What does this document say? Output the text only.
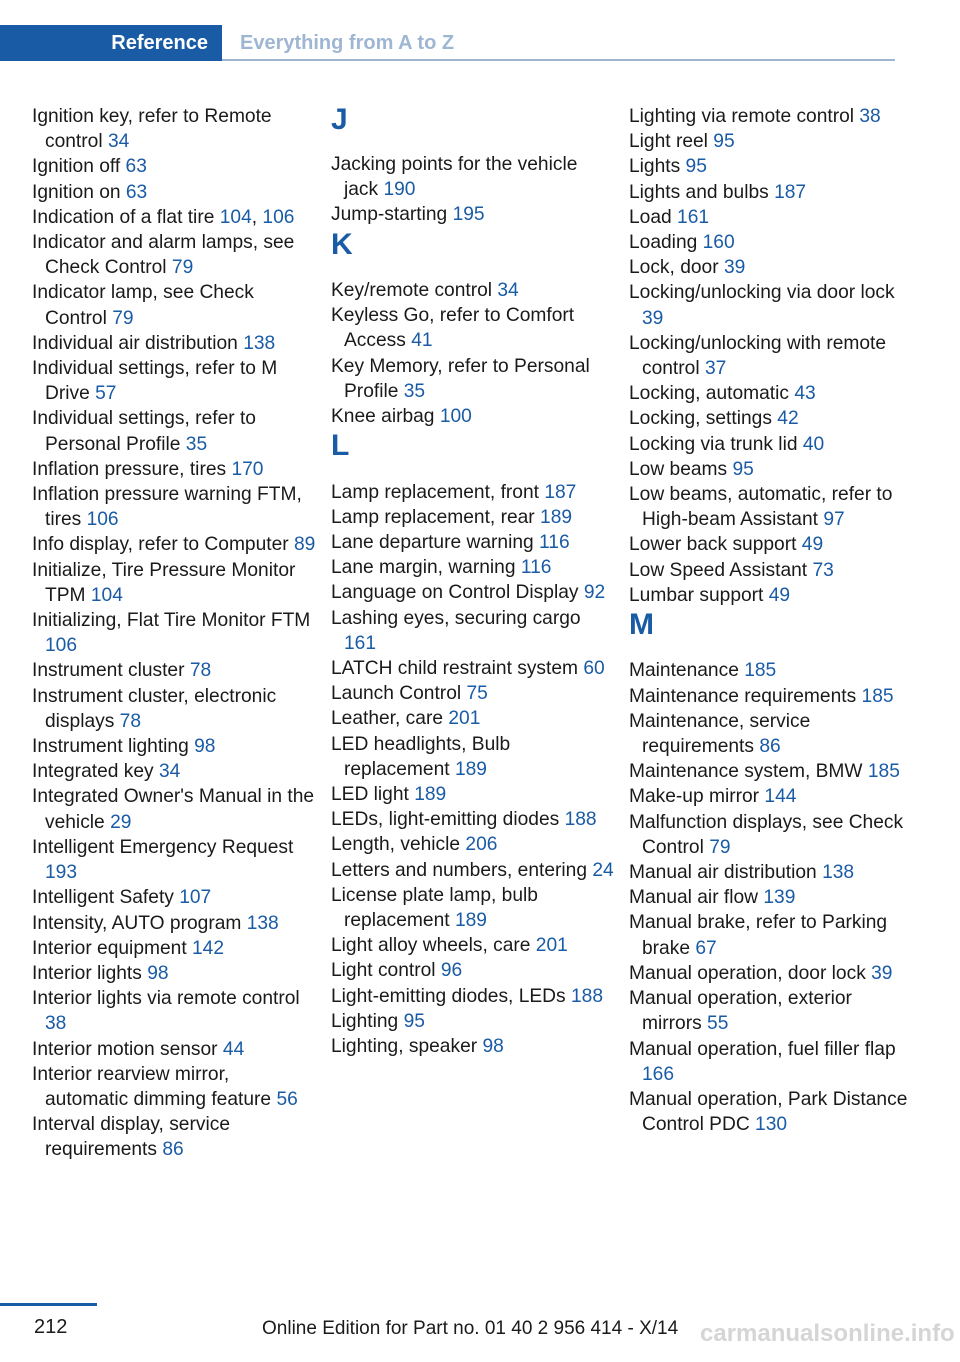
Reference	Everything from A to Z
Ignition key, refer to Remote control 34
Ignition off 63
Ignition on 63
Indication of a flat tire 104, 106
Indicator and alarm lamps, see Check Control 79
Indicator lamp, see Check Control 79
Individual air distribution 138
Individual settings, refer to M Drive 57
Individual settings, refer to Personal Profile 35
Inflation pressure, tires 170
Inflation pressure warning FTM, tires 106
Info display, refer to Computer 89
Initialize, Tire Pressure Monitor TPM 104
Initializing, Flat Tire Monitor FTM 106
Instrument cluster 78
Instrument cluster, electronic displays 78
Instrument lighting 98
Integrated key 34
Integrated Owner's Manual in the vehicle 29
Intelligent Emergency Request 193
Intelligent Safety 107
Intensity, AUTO program 138
Interior equipment 142
Interior lights 98
Interior lights via remote control 38
Interior motion sensor 44
Interior rearview mirror, automatic dimming feature 56
Interval display, service requirements 86
J
Jacking points for the vehicle jack 190
Jump-starting 195
K
Key/remote control 34
Keyless Go, refer to Comfort Access 41
Key Memory, refer to Personal Profile 35
Knee airbag 100
L
Lamp replacement, front 187
Lamp replacement, rear 189
Lane departure warning 116
Lane margin, warning 116
Language on Control Display 92
Lashing eyes, securing cargo 161
LATCH child restraint system 60
Launch Control 75
Leather, care 201
LED headlights, Bulb replacement 189
LED light 189
LEDs, light-emitting diodes 188
Length, vehicle 206
Letters and numbers, entering 24
License plate lamp, bulb replacement 189
Light alloy wheels, care 201
Light control 96
Light-emitting diodes, LEDs 188
Lighting 95
Lighting, speaker 98
Lighting via remote control 38
Light reel 95
Lights 95
Lights and bulbs 187
Load 161
Loading 160
Lock, door 39
Locking/unlocking via door lock 39
Locking/unlocking with remote control 37
Locking, automatic 43
Locking, settings 42
Locking via trunk lid 40
Low beams 95
Low beams, automatic, refer to High-beam Assistant 97
Lower back support 49
Low Speed Assistant 73
Lumbar support 49
M
Maintenance 185
Maintenance requirements 185
Maintenance, service requirements 86
Maintenance system, BMW 185
Make-up mirror 144
Malfunction displays, see Check Control 79
Manual air distribution 138
Manual air flow 139
Manual brake, refer to Parking brake 67
Manual operation, door lock 39
Manual operation, exterior mirrors 55
Manual operation, fuel filler flap 166
Manual operation, Park Distance Control PDC 130
212	Online Edition for Part no. 01 40 2 956 414 - X/14 carmanualsonline.info
